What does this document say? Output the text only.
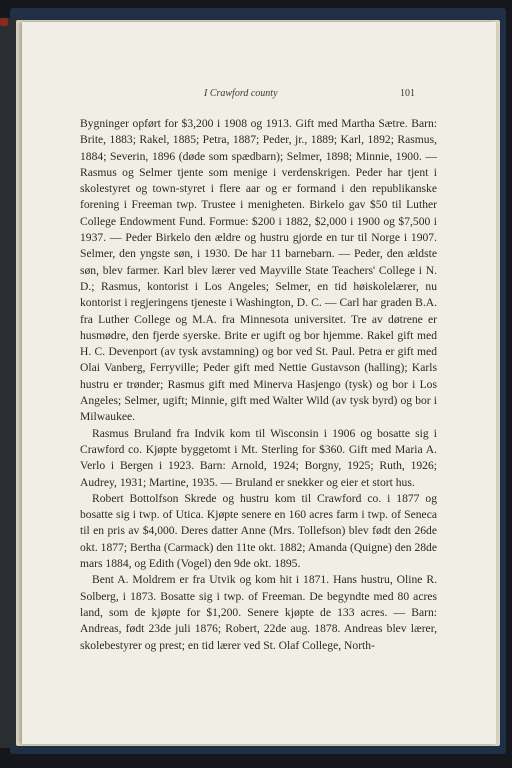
I Crawford county	101

Bygninger opført for $3,200 i 1908 og 1913. Gift med Martha Sætre. Barn: Brite, 1883; Rakel, 1885; Petra, 1887; Peder, jr., 1889; Karl, 1892; Rasmus, 1884; Severin, 1896 (døde som spædbarn); Selmer, 1898; Minnie, 1900. — Rasmus og Selmer tjente som menige i verdenskrigen. Peder har tjent i skolestyret og town-styret i flere aar og er formand i den republikanske forening i Freeman twp. Trustee i menigheten. Birkelo gav $50 til Luther College Endowment Fund. Formue: $200 i 1882, $2,000 i 1900 og $7,500 i 1937. — Peder Birkelo den ældre og hustru gjorde en tur til Norge i 1907. Selmer, den yngste søn, i 1930. De har 11 barnebarn. — Peder, den ældste søn, blev farmer. Karl blev lærer ved Mayville State Teachers' College i N. D.; Rasmus, kontorist i Los Angeles; Selmer, en tid høiskolelærer, nu kontorist i regjeringens tjeneste i Washington, D. C. — Carl har graden B.A. fra Luther College og M.A. fra Minnesota universitet. Tre av døtrene er husmødre, den fjerde syerske. Brite er ugift og bor hjemme. Rakel gift med H. C. Devenport (av tysk avstamning) og bor ved St. Paul. Petra er gift med Olai Vanberg, Ferryville; Peder gift med Nettie Gustavson (halling); Karls hustru er trønder; Rasmus gift med Minerva Hasjengo (tysk) og bor i Los Angeles; Selmer, ugift; Minnie, gift med Walter Wild (av tysk byrd) og bor i Milwaukee.

Rasmus Bruland fra Indvik kom til Wisconsin i 1906 og bosatte sig i Crawford co. Kjøpte byggetomt i Mt. Sterling for $360. Gift med Maria A. Verlo i Bergen i 1923. Barn: Arnold, 1924; Borgny, 1925; Ruth, 1926; Audrey, 1931; Martine, 1935. — Bruland er snekker og eier et stort hus.

Robert Bottolfson Skrede og hustru kom til Crawford co. i 1877 og bosatte sig i twp. of Utica. Kjøpte senere en 160 acres farm i twp. of Seneca til en pris av $4,000. Deres datter Anne (Mrs. Tollefson) blev født den 26de okt. 1877; Bertha (Carmack) den 11te okt. 1882; Amanda (Quigne) den 28de mars 1884, og Edith (Vogel) den 9de okt. 1895.

Bent A. Moldrem er fra Utvik og kom hit i 1871. Hans hustru, Oline R. Solberg, i 1873. Bosatte sig i twp. of Freeman. De begyndte med 80 acres land, som de kjøpte for $1,200. Senere kjøpte de 133 acres. — Barn: Andreas, født 23de juli 1876; Robert, 22de aug. 1878. Andreas blev lærer, skolebestyrer og prest; en tid lærer ved St. Olaf College, North-
